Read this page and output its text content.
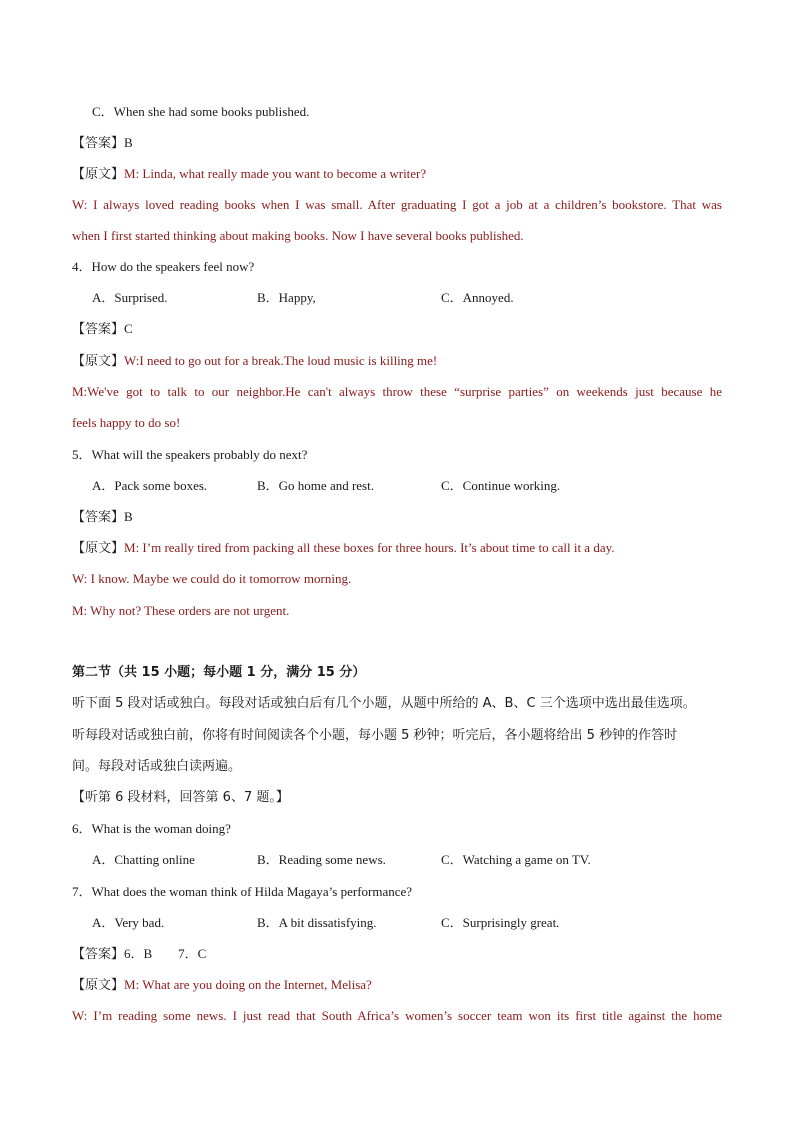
C．When she had some books published.
【答案】B
【原文】M: Linda, what really made you want to become a writer?
W: I always loved reading books when I was small. After graduating I got a job at a children’s bookstore. That was
when I first started thinking about making books. Now I have several books published.
4．How do the speakers feel now?
A．Surprised.	B．Happy,	C．Annoyed.
【答案】C
【原文】W:I need to go out for a break.The loud music is killing me!
M:We've got to talk to our neighbor.He can't always throw these “surprise parties” on weekends just because he
feels happy to do so!
5．What will the speakers probably do next?
A．Pack some boxes.	B．Go home and rest.	C．Continue working.
【答案】B
【原文】M: I’m really tired from packing all these boxes for three hours. It’s about time to call it a day.
W: I know. Maybe we could do it tomorrow morning.
M: Why not? These orders are not urgent.
第二节（共 15 小题；每小题 1 分，满分 15 分）
听下面 5 段对话或独白。每段对话或独白后有几个小题，从题中所给的 A、B、C 三个选项中选出最佳选项。
听每段对话或独白前，你将有时间阅读各个小题，每小题 5 秒钟；听完后，各小题将给出 5 秒钟的作答时
间。每段对话或独白读两遍。
【听第 6 段材料，回答第 6、7 题。】
6．What is the woman doing?
A．Chatting online	B．Reading some news.	C．Watching a game on TV.
7．What does the woman think of Hilda Magaya’s performance?
A．Very bad.	B．A bit dissatisfying.	C．Surprisingly great.
【答案】6．B        7．C
【原文】M: What are you doing on the Internet, Melisa?
W: I’m reading some news. I just read that South Africa’s women’s soccer team won its first title against the home
